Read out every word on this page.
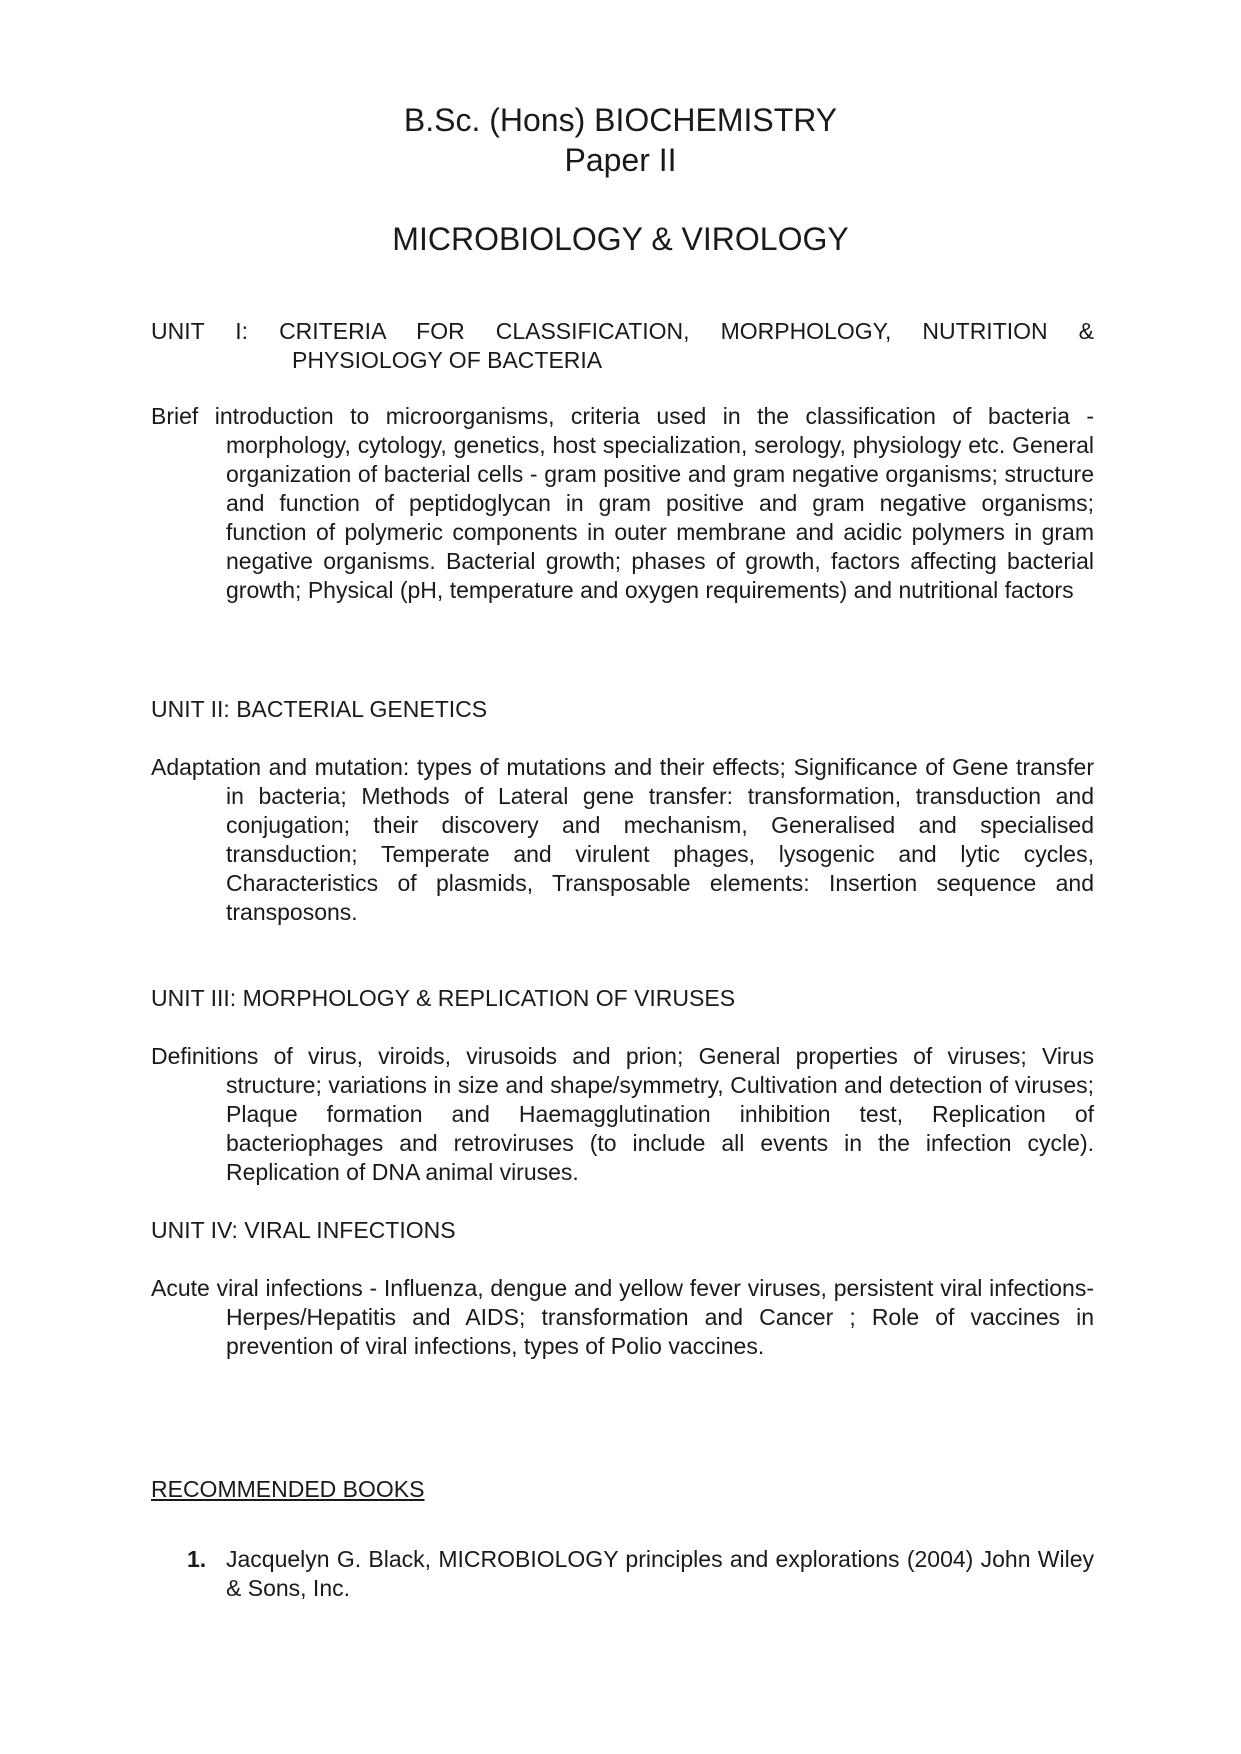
B.Sc. (Hons) BIOCHEMISTRY
Paper II
MICROBIOLOGY & VIROLOGY
UNIT I: CRITERIA FOR CLASSIFICATION, MORPHOLOGY, NUTRITION &
PHYSIOLOGY OF BACTERIA
Brief introduction to microorganisms, criteria used in the classification of bacteria - morphology, cytology, genetics, host specialization, serology, physiology etc. General organization of bacterial cells - gram positive and gram negative organisms; structure and function of peptidoglycan in gram positive and gram negative organisms; function of polymeric components in outer membrane and acidic polymers in gram negative organisms. Bacterial growth; phases of growth, factors affecting bacterial growth; Physical (pH, temperature and oxygen requirements) and nutritional factors
UNIT II: BACTERIAL GENETICS
Adaptation and mutation: types of mutations and their effects; Significance of Gene transfer in bacteria; Methods of Lateral gene transfer: transformation, transduction and conjugation; their discovery and mechanism, Generalised and specialised transduction; Temperate and virulent phages, lysogenic and lytic cycles, Characteristics of plasmids, Transposable elements: Insertion sequence and transposons.
UNIT III: MORPHOLOGY & REPLICATION OF VIRUSES
Definitions of virus, viroids, virusoids and prion; General properties of viruses; Virus structure; variations in size and shape/symmetry, Cultivation and detection of viruses; Plaque formation and Haemagglutination inhibition test, Replication of bacteriophages and retroviruses (to include all events in the infection cycle). Replication of DNA animal viruses.
UNIT IV: VIRAL INFECTIONS
Acute viral infections - Influenza, dengue and yellow fever viruses, persistent viral infections- Herpes/Hepatitis and AIDS; transformation and Cancer ; Role of vaccines in prevention of viral infections, types of Polio vaccines.
RECOMMENDED BOOKS
1. Jacquelyn G. Black, MICROBIOLOGY principles and explorations (2004) John Wiley & Sons, Inc.
